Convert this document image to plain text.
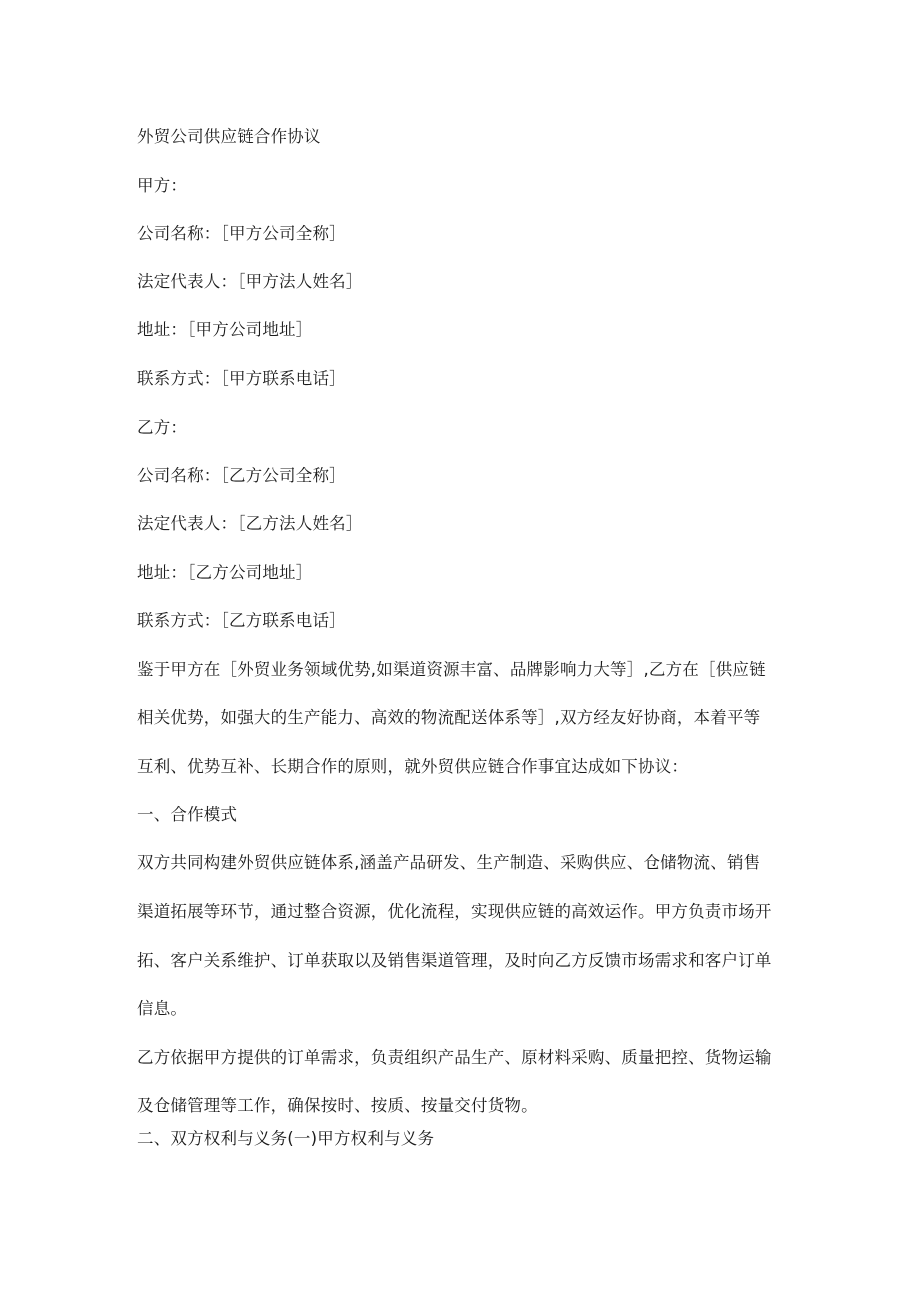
外贸公司供应链合作协议
甲方：
公司名称：［甲方公司全称］
法定代表人：［甲方法人姓名］
地址：［甲方公司地址］
联系方式：［甲方联系电话］
乙方：
公司名称：［乙方公司全称］
法定代表人：［乙方法人姓名］
地址：［乙方公司地址］
联系方式：［乙方联系电话］
鉴于甲方在［外贸业务领域优势,如渠道资源丰富、品牌影响力大等］,乙方在［供应链
相关优势，如强大的生产能力、高效的物流配送体系等］,双方经友好协商，本着平等
互利、优势互补、长期合作的原则，就外贸供应链合作事宜达成如下协议：
一、合作模式
双方共同构建外贸供应链体系,涵盖产品研发、生产制造、采购供应、仓储物流、销售
渠道拓展等环节，通过整合资源，优化流程，实现供应链的高效运作。甲方负责市场开
拓、客户关系维护、订单获取以及销售渠道管理，及时向乙方反馈市场需求和客户订单
信息。
乙方依据甲方提供的订单需求，负责组织产品生产、原材料采购、质量把控、货物运输
及仓储管理等工作，确保按时、按质、按量交付货物。
二、双方权利与义务(一)甲方权利与义务
